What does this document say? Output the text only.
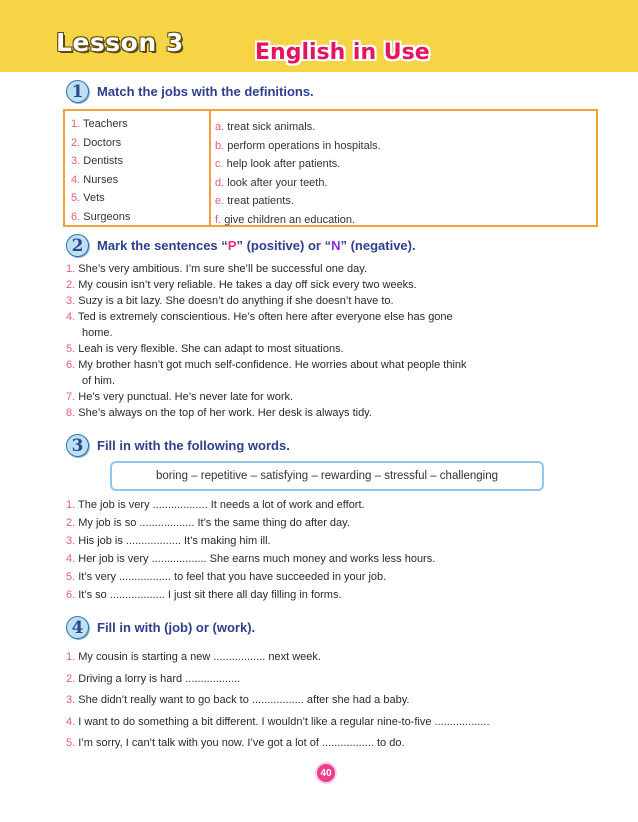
Lesson 3	English in Use
1	Match the jobs with the definitions.
1. Teachers
2. Doctors
3. Dentists
4. Nurses
5. Vets
6. Surgeons
a. treat sick animals.
b. perform operations in hospitals.
c. help look after patients.
d. look after your teeth.
e. treat patients.
f. give children an education.
2	Mark the sentences “P” (positive) or “N” (negative).
1. She’s very ambitious. I’m sure she’ll be successful one day.
2. My cousin isn’t very reliable. He takes a day off sick every two weeks.
3. Suzy is a bit lazy. She doesn’t do anything if she doesn’t have to.
4. Ted is extremely conscientious. He’s often here after everyone else has gone
home.
5. Leah is very flexible. She can adapt to most situations.
6. My brother hasn’t got much self-confidence. He worries about what people think
of him.
7. He’s very punctual. He’s never late for work.
8. She’s always on the top of her work. Her desk is always tidy.
3	Fill in with the following words.
boring – repetitive – satisfying – rewarding – stressful – challenging
1. The job is very .................. It needs a lot of work and effort.
2. My job is so .................. It’s the same thing do after day.
3. His job is .................. It’s making him ill.
4. Her job is very .................. She earns much money and works less hours.
5. It’s very ................. to feel that you have succeeded in your job.
6. It’s so .................. I just sit there all day filling in forms.
4	Fill in with (job) or (work).
1. My cousin is starting a new ................. next week.
2. Driving a lorry is hard ..................
3. She didn’t really want to go back to ................. after she had a baby.
4. I want to do something a bit different. I wouldn’t like a regular nine-to-five ..................
5. I’m sorry, I can’t talk with you now. I’ve got a lot of ................. to do.
40
